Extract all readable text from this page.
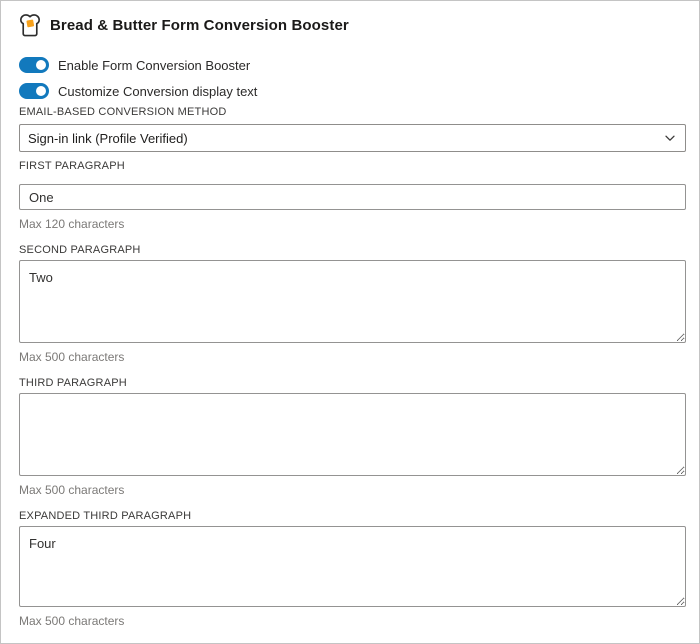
Bread & Butter Form Conversion Booster
Enable Form Conversion Booster
Customize Conversion display text
EMAIL-BASED CONVERSION METHOD
Sign-in link (Profile Verified)
FIRST PARAGRAPH
One
Max 120 characters
SECOND PARAGRAPH
Two
Max 500 characters
THIRD PARAGRAPH
Max 500 characters
EXPANDED THIRD PARAGRAPH
Four
Max 500 characters
